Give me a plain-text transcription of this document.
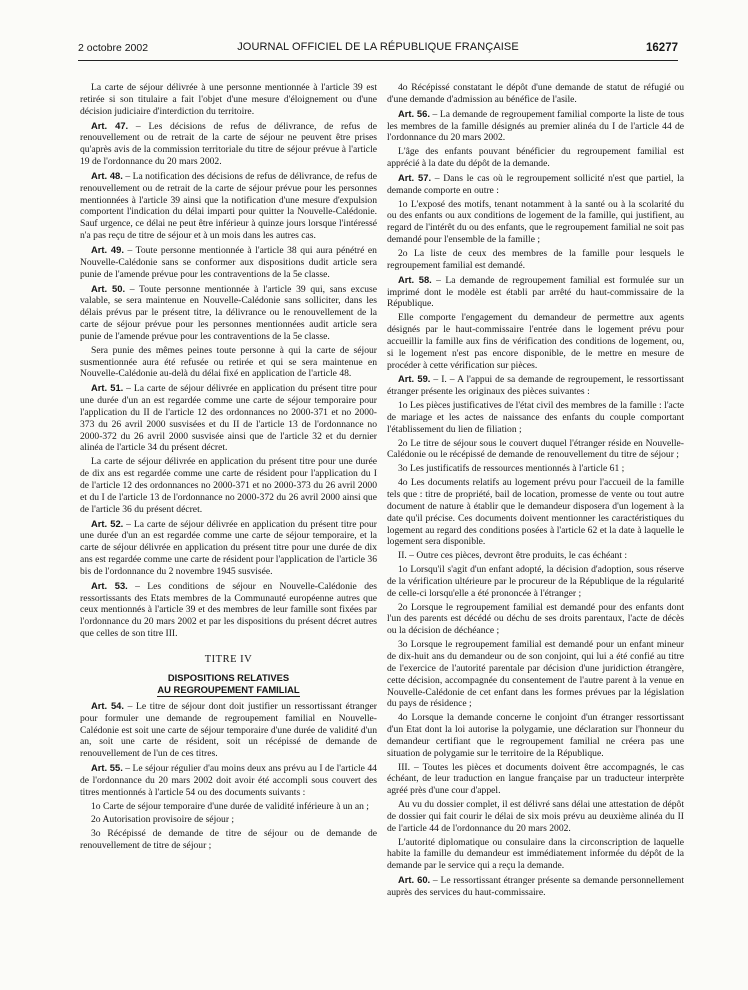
2 octobre 2002	JOURNAL OFFICIEL DE LA RÉPUBLIQUE FRANÇAISE	16277

La carte de séjour délivrée à une personne mentionnée à l'article 39 est retirée si son titulaire a fait l'objet d'une mesure d'éloignement ou d'une décision judiciaire d'interdiction du territoire.

Art. 47. – Les décisions de refus de délivrance, de refus de renouvellement ou de retrait de la carte de séjour ne peuvent être prises qu'après avis de la commission territoriale du titre de séjour prévue à l'article 19 de l'ordonnance du 20 mars 2002.

Art. 48. – La notification des décisions de refus de délivrance, de refus de renouvellement ou de retrait de la carte de séjour prévue pour les personnes mentionnées à l'article 39 ainsi que la notification d'une mesure d'expulsion comportent l'indication du délai imparti pour quitter la Nouvelle-Calédonie. Sauf urgence, ce délai ne peut être inférieur à quinze jours lorsque l'intéressé n'a pas reçu de titre de séjour et à un mois dans les autres cas.

Art. 49. – Toute personne mentionnée à l'article 38 qui aura pénétré en Nouvelle-Calédonie sans se conformer aux dispositions dudit article sera punie de l'amende prévue pour les contraventions de la 5e classe.

Art. 50. – Toute personne mentionnée à l'article 39 qui, sans excuse valable, se sera maintenue en Nouvelle-Calédonie sans solliciter, dans les délais prévus par le présent titre, la délivrance ou le renouvellement de la carte de séjour prévue pour les personnes mentionnées audit article sera punie de l'amende prévue pour les contraventions de la 5e classe.

Sera punie des mêmes peines toute personne à qui la carte de séjour susmentionnée aura été refusée ou retirée et qui se sera maintenue en Nouvelle-Calédonie au-delà du délai fixé en application de l'article 48.

Art. 51. – La carte de séjour délivrée en application du présent titre pour une durée d'un an est regardée comme une carte de séjour temporaire pour l'application du II de l'article 12 des ordonnances no 2000-371 et no 2000-373 du 26 avril 2000 susvisées et du II de l'article 13 de l'ordonnance no 2000-372 du 26 avril 2000 susvisée ainsi que de l'article 32 et du dernier alinéa de l'article 34 du présent décret.

La carte de séjour délivrée en application du présent titre pour une durée de dix ans est regardée comme une carte de résident pour l'application du I de l'article 12 des ordonnances no 2000-371 et no 2000-373 du 26 avril 2000 et du I de l'article 13 de l'ordonnance no 2000-372 du 26 avril 2000 ainsi que de l'article 36 du présent décret.

Art. 52. – La carte de séjour délivrée en application du présent titre pour une durée d'un an est regardée comme une carte de séjour temporaire, et la carte de séjour délivrée en application du présent titre pour une durée de dix ans est regardée comme une carte de résident pour l'application de l'article 36 bis de l'ordonnance du 2 novembre 1945 susvisée.

Art. 53. – Les conditions de séjour en Nouvelle-Calédonie des ressortissants des Etats membres de la Communauté européenne autres que ceux mentionnés à l'article 39 et des membres de leur famille sont fixées par l'ordonnance du 20 mars 2002 et par les dispositions du présent décret autres que celles de son titre III.

TITRE IV

DISPOSITIONS RELATIVES

AU REGROUPEMENT FAMILIAL

Art. 54. – Le titre de séjour dont doit justifier un ressortissant étranger pour formuler une demande de regroupement familial en Nouvelle-Calédonie est soit une carte de séjour temporaire d'une durée de validité d'un an, soit une carte de résident, soit un récépissé de demande de renouvellement de l'un de ces titres.

Art. 55. – Le séjour régulier d'au moins deux ans prévu au I de l'article 44 de l'ordonnance du 20 mars 2002 doit avoir été accompli sous couvert des titres mentionnés à l'article 54 ou des documents suivants :

1o Carte de séjour temporaire d'une durée de validité inférieure à un an ;

2o Autorisation provisoire de séjour ;

3o Récépissé de demande de titre de séjour ou de demande de renouvellement de titre de séjour ;

4o Récépissé constatant le dépôt d'une demande de statut de réfugié ou d'une demande d'admission au bénéfice de l'asile.

Art. 56. – La demande de regroupement familial comporte la liste de tous les membres de la famille désignés au premier alinéa du I de l'article 44 de l'ordonnance du 20 mars 2002.

L'âge des enfants pouvant bénéficier du regroupement familial est apprécié à la date du dépôt de la demande.

Art. 57. – Dans le cas où le regroupement sollicité n'est que partiel, la demande comporte en outre :

1o L'exposé des motifs, tenant notamment à la santé ou à la scolarité du ou des enfants ou aux conditions de logement de la famille, qui justifient, au regard de l'intérêt du ou des enfants, que le regroupement familial ne soit pas demandé pour l'ensemble de la famille ;

2o La liste de ceux des membres de la famille pour lesquels le regroupement familial est demandé.

Art. 58. – La demande de regroupement familial est formulée sur un imprimé dont le modèle est établi par arrêté du haut-commissaire de la République.

Elle comporte l'engagement du demandeur de permettre aux agents désignés par le haut-commissaire l'entrée dans le logement prévu pour accueillir la famille aux fins de vérification des conditions de logement, ou, si le logement n'est pas encore disponible, de le mettre en mesure de procéder à cette vérification sur pièces.

Art. 59. – I. – A l'appui de sa demande de regroupement, le ressortissant étranger présente les originaux des pièces suivantes :

1o Les pièces justificatives de l'état civil des membres de la famille : l'acte de mariage et les actes de naissance des enfants du couple comportant l'établissement du lien de filiation ;

2o Le titre de séjour sous le couvert duquel l'étranger réside en Nouvelle-Calédonie ou le récépissé de demande de renouvellement du titre de séjour ;

3o Les justificatifs de ressources mentionnés à l'article 61 ;

4o Les documents relatifs au logement prévu pour l'accueil de la famille tels que : titre de propriété, bail de location, promesse de vente ou tout autre document de nature à établir que le demandeur disposera d'un logement à la date qu'il précise. Ces documents doivent mentionner les caractéristiques du logement au regard des conditions posées à l'article 62 et la date à laquelle le logement sera disponible.

II. – Outre ces pièces, devront être produits, le cas échéant :

1o Lorsqu'il s'agit d'un enfant adopté, la décision d'adoption, sous réserve de la vérification ultérieure par le procureur de la République de la régularité de celle-ci lorsqu'elle a été prononcée à l'étranger ;

2o Lorsque le regroupement familial est demandé pour des enfants dont l'un des parents est décédé ou déchu de ses droits parentaux, l'acte de décès ou la décision de déchéance ;

3o Lorsque le regroupement familial est demandé pour un enfant mineur de dix-huit ans du demandeur ou de son conjoint, qui lui a été confié au titre de l'exercice de l'autorité parentale par décision d'une juridiction étrangère, cette décision, accompagnée du consentement de l'autre parent à la venue en Nouvelle-Calédonie de cet enfant dans les formes prévues par la législation du pays de résidence ;

4o Lorsque la demande concerne le conjoint d'un étranger ressortissant d'un Etat dont la loi autorise la polygamie, une déclaration sur l'honneur du demandeur certifiant que le regroupement familial ne créera pas une situation de polygamie sur le territoire de la République.

III. – Toutes les pièces et documents doivent être accompagnés, le cas échéant, de leur traduction en langue française par un traducteur interprète agréé près d'une cour d'appel.

Au vu du dossier complet, il est délivré sans délai une attestation de dépôt de dossier qui fait courir le délai de six mois prévu au deuxième alinéa du II de l'article 44 de l'ordonnance du 20 mars 2002.

L'autorité diplomatique ou consulaire dans la circonscription de laquelle habite la famille du demandeur est immédiatement informée du dépôt de la demande par le service qui a reçu la demande.

Art. 60. – Le ressortissant étranger présente sa demande personnellement auprès des services du haut-commissaire.
